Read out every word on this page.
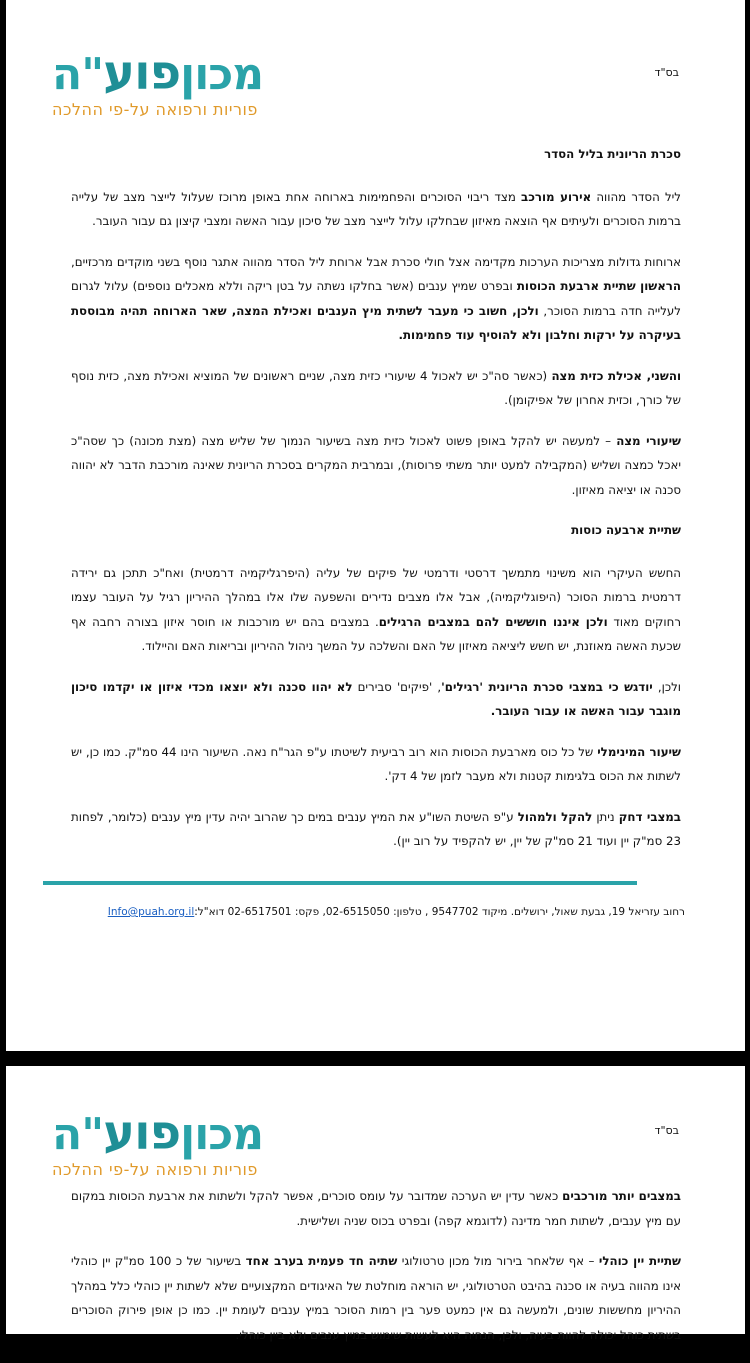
מכוןפוע"ה
פוריות ורפואה על-פי ההלכה
בס"ד

סכרת הריונית בליל הסדר

ליל הסדר מהווה אירוע מורכב מצד ריבוי הסוכרים והפחמימות בארוחה אחת באופן מרוכז שעלול לייצר מצב של עלייה ברמות הסוכרים ולעיתים אף הוצאה מאיזון שבחלקו עלול לייצר מצב של סיכון עבור האשה ומצבי קיצון גם עבור העובר.

ארוחות גדולות מצריכות הערכות מקדימה אצל חולי סכרת אבל ארוחת ליל הסדר מהווה אתגר נוסף בשני מוקדים מרכזיים, הראשון שתיית ארבעת הכוסות ובפרט שמיץ ענבים (אשר בחלקו נשתה על בטן ריקה וללא מאכלים נוספים) עלול לגרום לעלייה חדה ברמות הסוכר, ולכן, חשוב כי מעבר לשתית מיץ הענבים ואכילת המצה, שאר הארוחה תהיה מבוססת בעיקרה על ירקות וחלבון ולא להוסיף עוד פחמימות.

והשני, אכילת כזית מצה (כאשר סה"כ יש לאכול 4 שיעורי כזית מצה, שניים ראשונים של המוציא ואכילת מצה, כזית נוסף של כורך, וכזית אחרון של אפיקומן).

שיעורי מצה – למעשה יש להקל באופן פשוט לאכול כזית מצה בשיעור הנמוך של שליש מצה (מצת מכונה) כך שסה"כ יאכל כמצה ושליש (המקבילה למעט יותר משתי פרוסות), ובמרבית המקרים בסכרת הריונית שאינה מורכבת הדבר לא יהווה סכנה או יציאה מאיזון.

שתיית ארבעה כוסות

החשש העיקרי הוא משינוי מתמשך דרסטי ודרמטי של פיקים של עליה (היפרגליקמיה דרמטית) ואח"כ תתכן גם ירידה דרמטית ברמות הסוכר (היפוגליקמיה), אבל אלו מצבים נדירים והשפעה שלו אלו במהלך ההיריון רגיל על העובר עצמו רחוקים מאוד ולכן איננו חוששים להם במצבים הרגילים. במצבים בהם יש מורכבות או חוסר איזון בצורה רחבה אף שכעת האשה מאוזנת, יש חשש ליציאה מאיזון של האם והשלכה על המשך ניהול ההיריון ובריאות האם והיילוד.

ולכן, יודגש כי במצבי סכרת הריונית 'רגילים', 'פיקים' סבירים לא יהוו סכנה ולא יוצאו מכדי איזון או יקדמו סיכון מוגבר עבור האשה או עבור העובר.

שיעור המינימלי של כל כוס מארבעת הכוסות הוא רוב רביעית לשיטתו ע"פ הגר"ח נאה. השיעור הינו 44 סמ"ק. כמו כן, יש לשתות את הכוס בלגימות קטנות ולא מעבר לזמן של 4 דק'.

במצבי דחק ניתן להקל ולמהול ע"פ השיטת השו"ע את המיץ ענבים במים כך שהרוב יהיה עדין מיץ ענבים (כלומר, לפחות 23 סמ"ק יין ועוד 21 סמ"ק של יין, יש להקפיד על רוב יין).

רחוב עזריאל 19, גבעת שאול, ירושלים. מיקוד 9547702 , טלפון: 02-6515050, פקס: 02-6517501 דוא"ל:Info@puah.org.il
מכוןפוע"ה
פוריות ורפואה על-פי ההלכה
בס"ד

במצבים יותר מורכבים כאשר עדין יש הערכה שמדובר על עומס סוכרים, אפשר להקל ולשתות את ארבעת הכוסות במקום עם מיץ ענבים, לשתות חמר מדינה (לדוגמא קפה) ובפרט בכוס שניה ושלישית.

שתיית יין כוהלי – אף שלאחר בירור מול מכון טרטולוגי שתיה חד פעמית בערב אחד בשיעור של כ 100 סמ"ק יין כוהלי אינו מהווה בעיה או סכנה בהיבט הטרטולוגי, יש הוראה מוחלטת של האיגודים המקצועיים שלא לשתות יין כוהלי כלל במהלך ההיריון מחששות שונים, ולמעשה גם אין כמעט פער בין רמות הסוכר במיץ ענבים לעומת יין. כמו כן אופן פירוק הסוכרים בשתית כוהל יכולה להוות בעיה, ולכן, הנחיה היא לעשות שימוש במיץ ענבים ולא ביין כוהלי.
